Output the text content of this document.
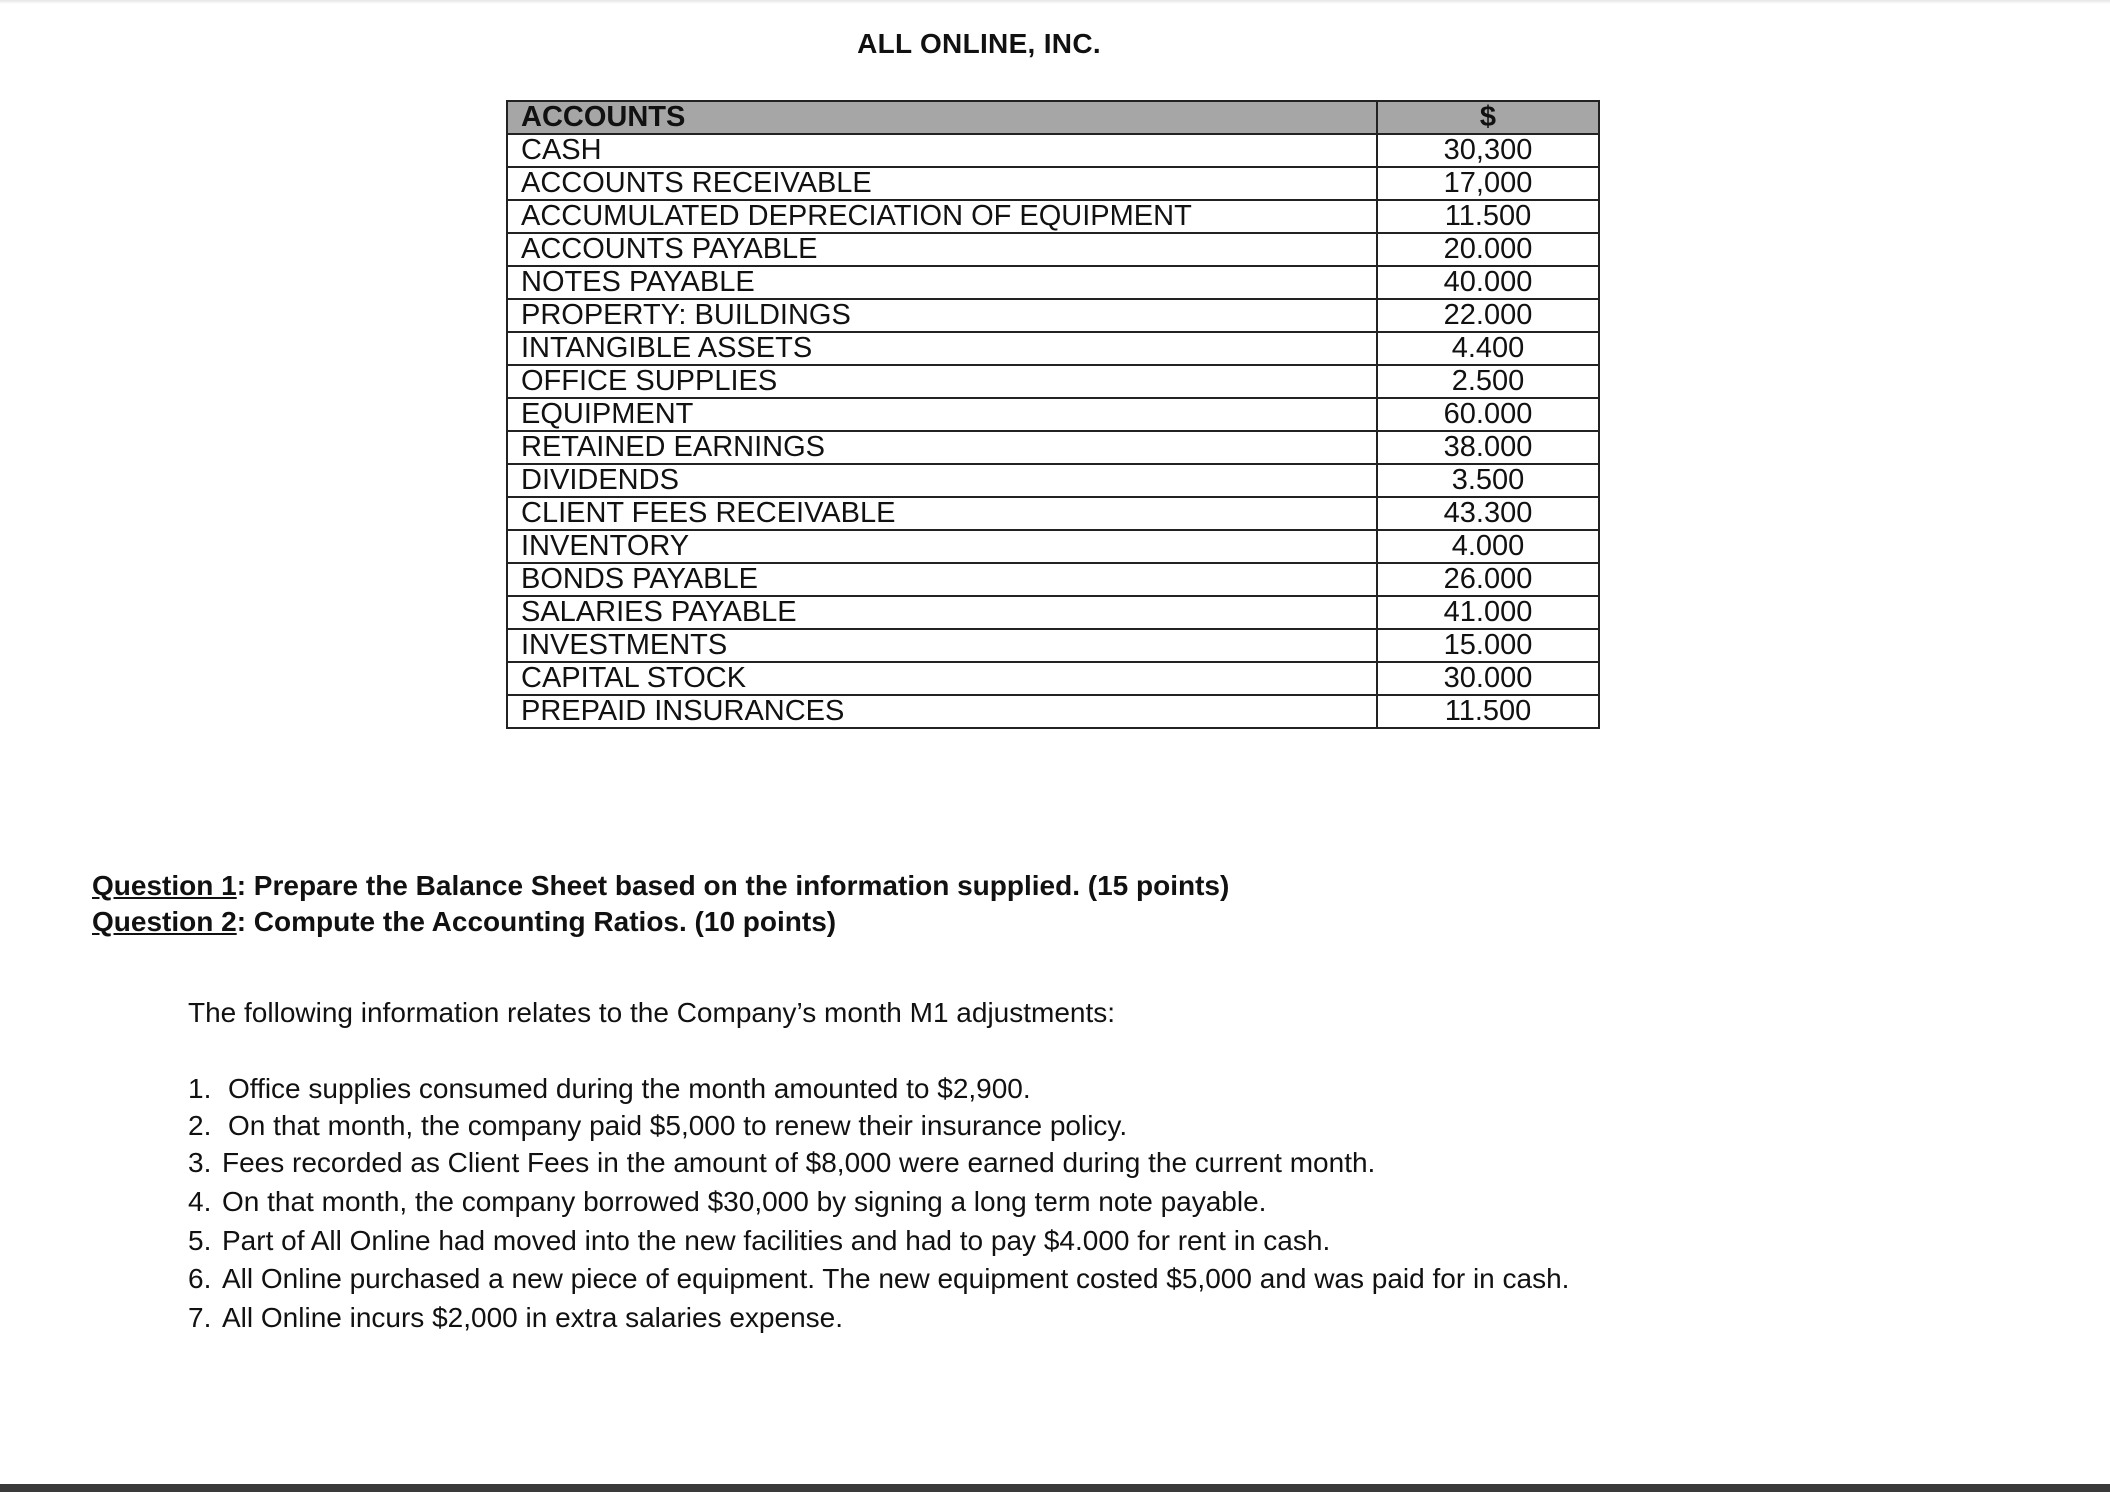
ALL ONLINE, INC.
ACCOUNTS	$
CASH	30,300
ACCOUNTS RECEIVABLE	17,000
ACCUMULATED DEPRECIATION OF EQUIPMENT	11.500
ACCOUNTS PAYABLE	20.000
NOTES PAYABLE	40.000
PROPERTY: BUILDINGS	22.000
INTANGIBLE ASSETS	4.400
OFFICE SUPPLIES	2.500
EQUIPMENT	60.000
RETAINED EARNINGS	38.000
DIVIDENDS	3.500
CLIENT FEES RECEIVABLE	43.300
INVENTORY	4.000
BONDS PAYABLE	26.000
SALARIES PAYABLE	41.000
INVESTMENTS	15.000
CAPITAL STOCK	30.000
PREPAID INSURANCES	11.500
Question 1: Prepare the Balance Sheet based on the information supplied. (15 points)
Question 2: Compute the Accounting Ratios. (10 points)
The following information relates to the Company’s month M1 adjustments:
1. Office supplies consumed during the month amounted to $2,900.
2. On that month, the company paid $5,000 to renew their insurance policy.
3. Fees recorded as Client Fees in the amount of $8,000 were earned during the current month.
4. On that month, the company borrowed $30,000 by signing a long term note payable.
5. Part of All Online had moved into the new facilities and had to pay $4.000 for rent in cash.
6. All Online purchased a new piece of equipment. The new equipment costed $5,000 and was paid for in cash.
7. All Online incurs $2,000 in extra salaries expense.
